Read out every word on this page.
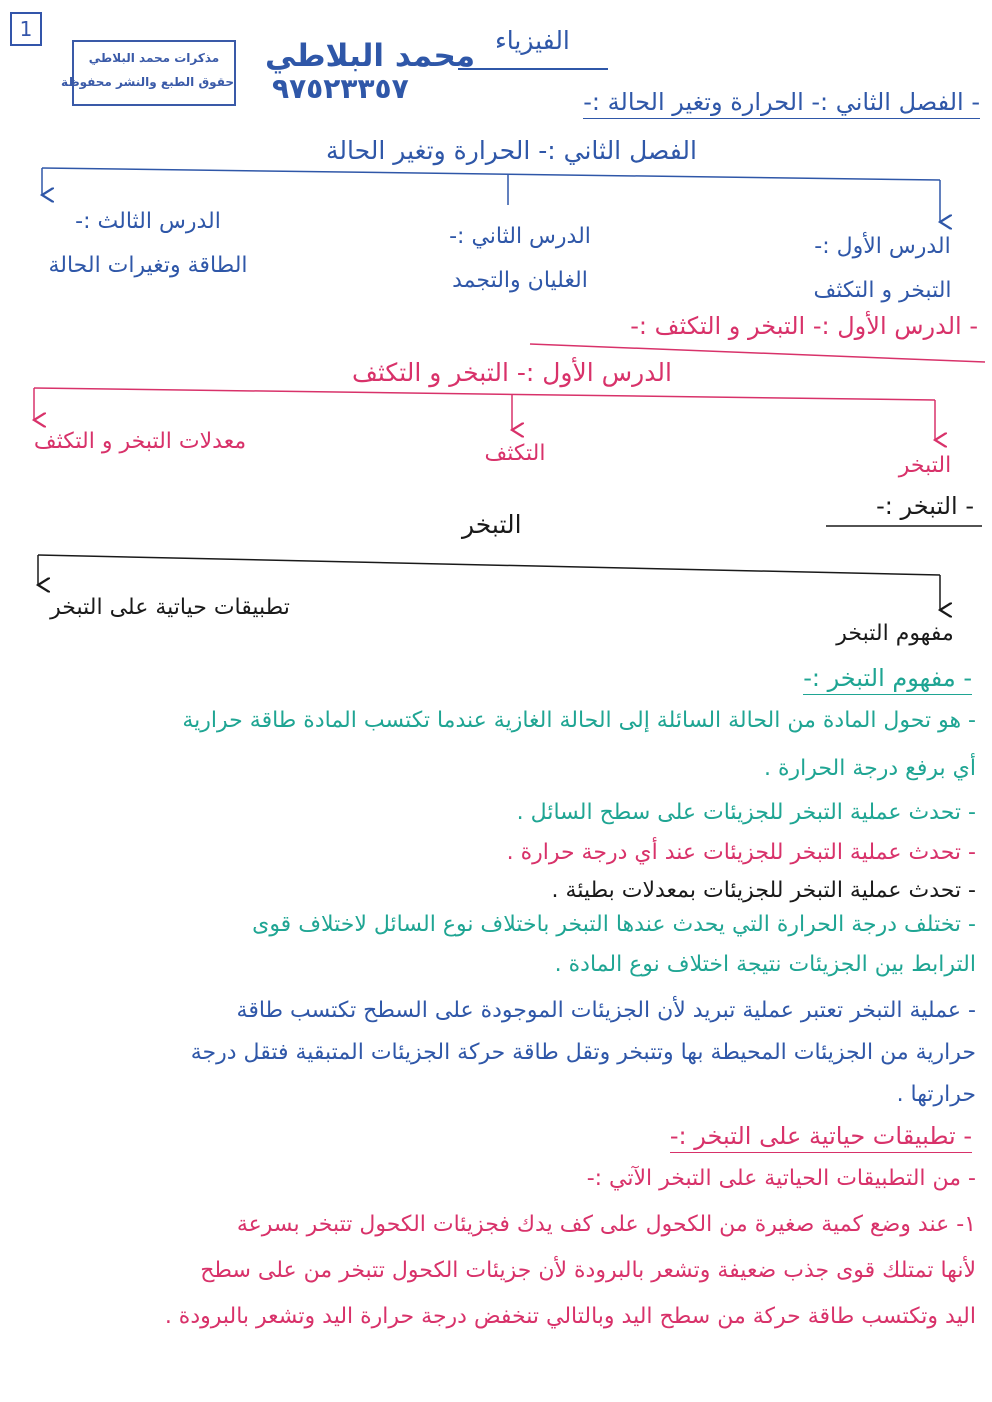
1
مذكرات محمد البلاطي
حقوق الطبع والنشر محفوظة
محمد البلاطي
٩٧٥٢٣٣٥٧
الفيزياء
- الفصل الثاني :- الحرارة وتغير الحالة :-
الفصل الثاني :- الحرارة وتغير الحالة
الدرس الثالث :-
الطاقة وتغيرات الحالة
الدرس الثاني :-
الغليان والتجمد
الدرس الأول :-
التبخر و التكثف
- الدرس الأول :- التبخر و التكثف :-
الدرس الأول :- التبخر و التكثف
معدلات التبخر و التكثف	التكثف	التبخر
- التبخر :-
التبخر
تطبيقات حياتية على التبخر
مفهوم التبخر
- مفهوم التبخر :-
- هو تحول المادة من الحالة السائلة إلى الحالة الغازية عندما تكتسب المادة طاقة حرارية
أي برفع درجة الحرارة .
- تحدث عملية التبخر للجزيئات على سطح السائل .
- تحدث عملية التبخر للجزيئات عند أي درجة حرارة .
- تحدث عملية التبخر للجزيئات بمعدلات بطيئة .
- تختلف درجة الحرارة التي يحدث عندها التبخر باختلاف نوع السائل لاختلاف قوى
الترابط بين الجزيئات نتيجة اختلاف نوع المادة .
- عملية التبخر تعتبر عملية تبريد لأن الجزيئات الموجودة على السطح تكتسب طاقة
حرارية من الجزيئات المحيطة بها وتتبخر وتقل طاقة حركة الجزيئات المتبقية فتقل درجة
حرارتها .
- تطبيقات حياتية على التبخر :-
- من التطبيقات الحياتية على التبخر الآتي :-
١- عند وضع كمية صغيرة من الكحول على كف يدك فجزيئات الكحول تتبخر بسرعة
لأنها تمتلك قوى جذب ضعيفة وتشعر بالبرودة لأن جزيئات الكحول تتبخر من على سطح
اليد وتكتسب طاقة حركة من سطح اليد وبالتالي تنخفض درجة حرارة اليد وتشعر بالبرودة .
